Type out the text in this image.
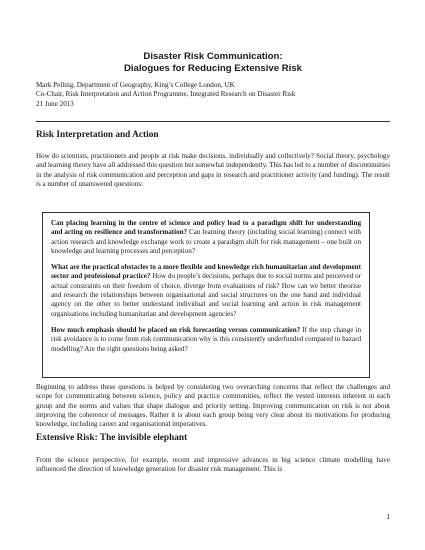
Disaster Risk Communication:
Dialogues for Reducing Extensive Risk
Mark Pelling, Department of Geography, King’s College London, UK
Co-Chair, Risk Interpretation and Action Programme, Integrated Research on Disaster Risk
21 June 2013
Risk Interpretation and Action

How do scientists, practitioners and people at risk make decisions, individually and collectively? Social theory, psychology and learning theory have all addressed this question but somewhat independently. This has led to a number of discontinuities in the analysis of risk communication and perception and gaps in research and practitioner activity (and funding). The result is a number of unanswered questions:

Can placing learning in the centre of science and policy lead to a paradigm shift for understanding and acting on resilience and transformation? Can learning theory (including social learning) connect with action research and knowledge exchange work to create a paradigm shift for risk management – one built on knowledge and learning processes and perception?

What are the practical obstacles to a more flexible and knowledge rich humanitarian and development sector and professional practice? How do people’s decisions, perhaps due to social norms and perceived or actual constraints on their freedom of choice, diverge from evaluations of risk? How can we better theorise and research the relationships between organisational and social structures on the one hand and individual agency on the other to better understand individual and social learning and action in risk management organisations including humanitarian and development agencies?

How much emphasis should be placed on risk forecasting versus communication? If the step change in risk avoidance is to come from risk communication why is this consistently underfunded compared to hazard modelling? Are the right questions being asked?

Beginning to address these questions is helped by considering two overarching concerns that reflect the challenges and scope for communicating between science, policy and practice communities, reflect the vested interests inherent in each group and the norms and values that shape dialogue and priority setting. Improving communication on risk is not about improving the coherence of messages. Rather it is about each group being very clear about its motivations for producing knowledge, including career and organisational imperatives.

Extensive Risk: The invisible elephant

From the science perspective, for example, recent and impressive advances in big science climate modelling have influenced the direction of knowledge generation for disaster risk management. This is

1
